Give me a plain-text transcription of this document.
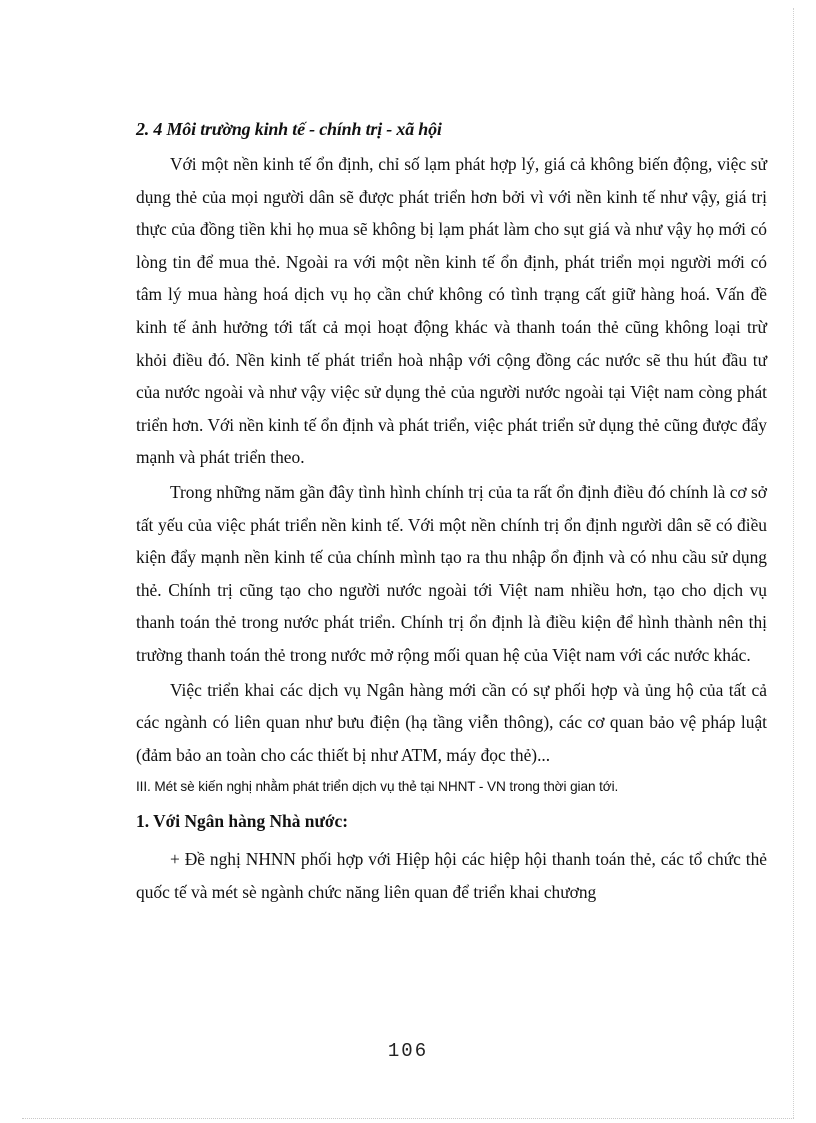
2. 4 Môi trường kinh tế - chính trị - xã hội

Với một nền kinh tế ổn định, chỉ số lạm phát hợp lý, giá cả không biến động, việc sử dụng thẻ của mọi người dân sẽ được phát triển hơn bởi vì với nền kinh tế như vậy, giá trị thực của đồng tiền khi họ mua sẽ không bị lạm phát làm cho sụt giá và như vậy họ mới có lòng tin để mua thẻ. Ngoài ra với một nền kinh tế ổn định, phát triển mọi người mới có tâm lý mua hàng hoá dịch vụ họ cần chứ không có tình trạng cất giữ hàng hoá. Vấn đề kinh tế ảnh hưởng tới tất cả mọi hoạt động khác và thanh toán thẻ cũng không loại trừ khỏi điều đó. Nền kinh tế phát triển hoà nhập với cộng đồng các nước sẽ thu hút đầu tư của nước ngoài và như vậy việc sử dụng thẻ của người nước ngoài tại Việt nam còng phát triển hơn. Với nền kinh tế ổn định và phát triển, việc phát triển sử dụng thẻ cũng được đẩy mạnh và phát triển theo.

Trong những năm gần đây tình hình chính trị của ta rất ổn định điều đó chính là cơ sở tất yếu của việc phát triển nền kinh tế. Với một nền chính trị ổn định người dân sẽ có điều kiện đẩy mạnh nền kinh tế của chính mình tạo ra thu nhập ổn định và có nhu cầu sử dụng thẻ. Chính trị cũng tạo cho người nước ngoài tới Việt nam nhiều hơn, tạo cho dịch vụ thanh toán thẻ trong nước phát triển. Chính trị ổn định là điều kiện để hình thành nên thị trường thanh toán thẻ trong nước mở rộng mối quan hệ của Việt nam với các nước khác.

Việc triển khai các dịch vụ Ngân hàng mới cần có sự phối hợp và ủng hộ của tất cả các ngành có liên quan như bưu điện (hạ tầng viễn thông), các cơ quan bảo vệ pháp luật (đảm bảo an toàn cho các thiết bị như ATM, máy đọc thẻ)...

III. Mét sè kiến nghị nhằm phát triển dịch vụ thẻ tại NHNT - VN trong thời gian tới.

1. Với Ngân hàng Nhà nước:

+ Đề nghị NHNN phối hợp với Hiệp hội các hiệp hội thanh toán thẻ, các tổ chức thẻ quốc tế và mét sè ngành chức năng liên quan để triển khai chương

106
